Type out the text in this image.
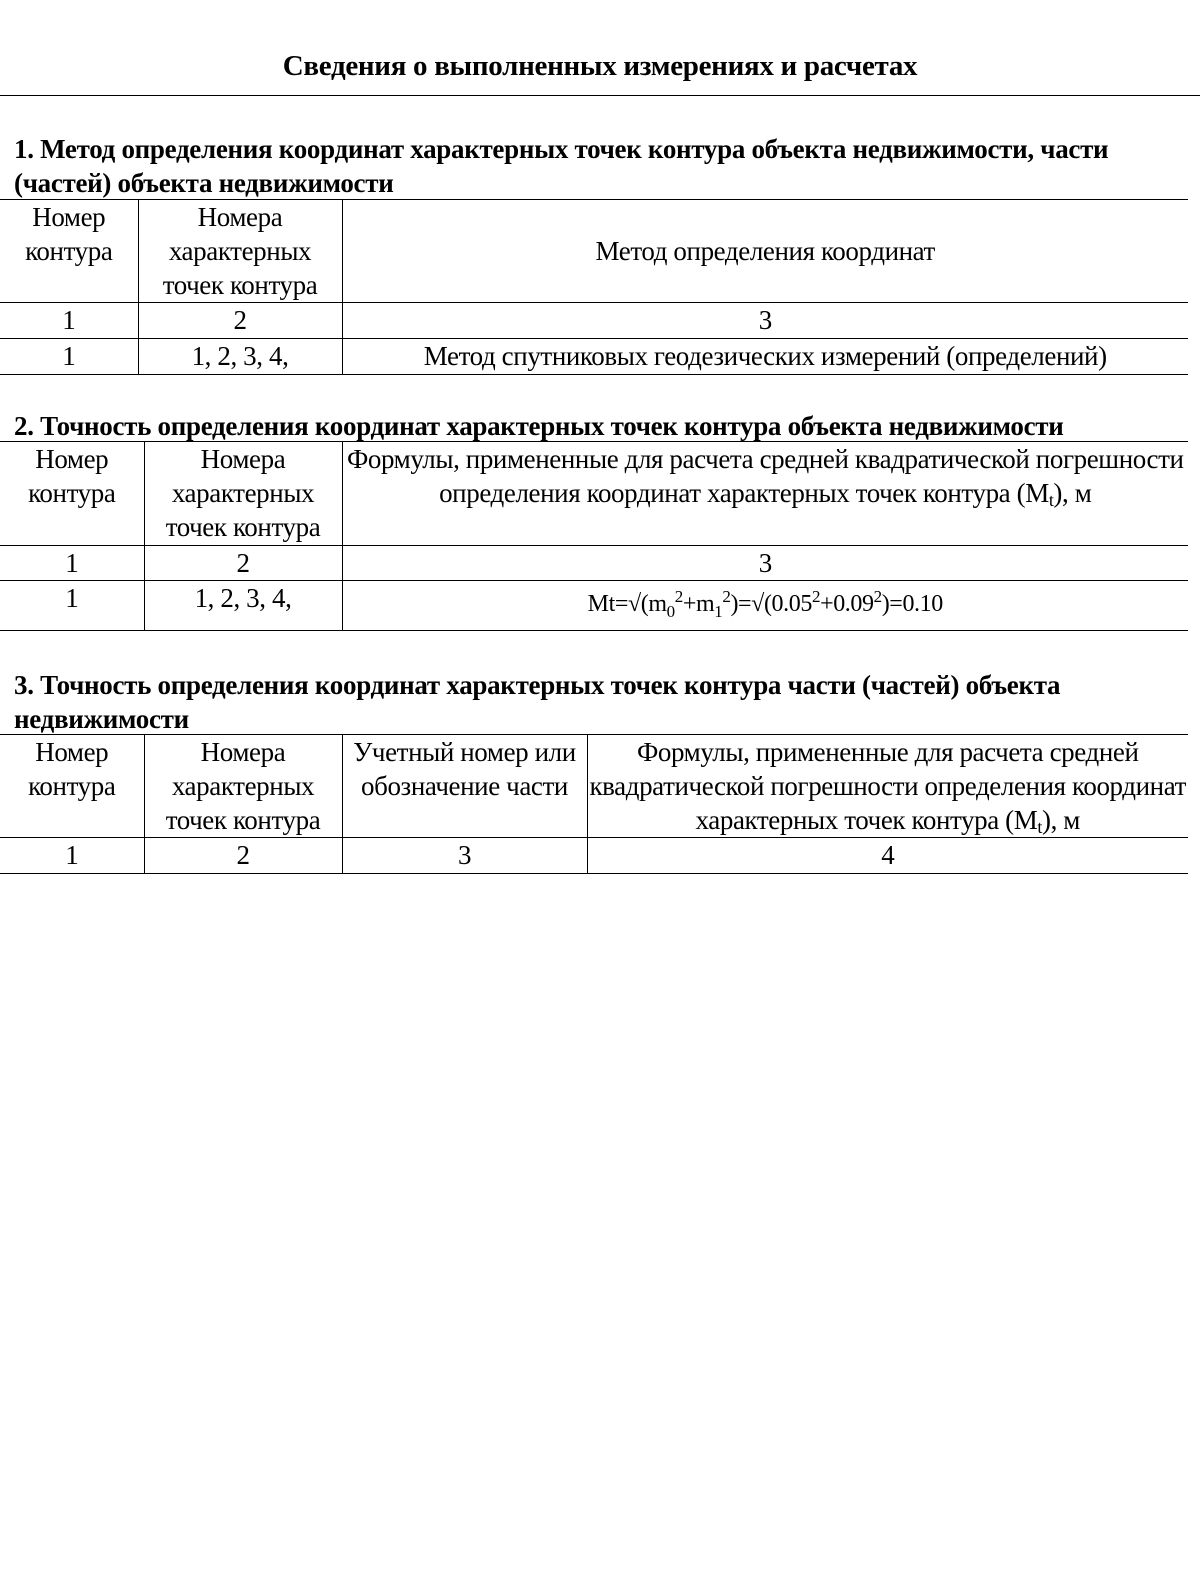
Сведения о выполненных измерениях и расчетах
1. Метод определения координат характерных точек контура объекта недвижимости, части (частей) объекта недвижимости
Номер контура	Номера характерных точек контура	Метод определения координат
1	2	3
1	1, 2, 3, 4,	Метод спутниковых геодезических измерений (определений)
2. Точность определения координат характерных точек контура объекта недвижимости
Номер контура	Номера характерных точек контура	Формулы, примененные для расчета средней квадратической погрешности определения координат характерных точек контура (Mt), м
1	2	3
1	1, 2, 3, 4,	$Mt=√(m_0^2+m_1^2)=√(0.05^2+0.09^2)=0.10$
3. Точность определения координат характерных точек контура части (частей) объекта недвижимости
Номер контура	Номера характерных точек контура	Учетный номер или обозначение части	Формулы, примененные для расчета средней квадратической погрешности определения координат характерных точек контура (Mt), м
1	2	3	4
